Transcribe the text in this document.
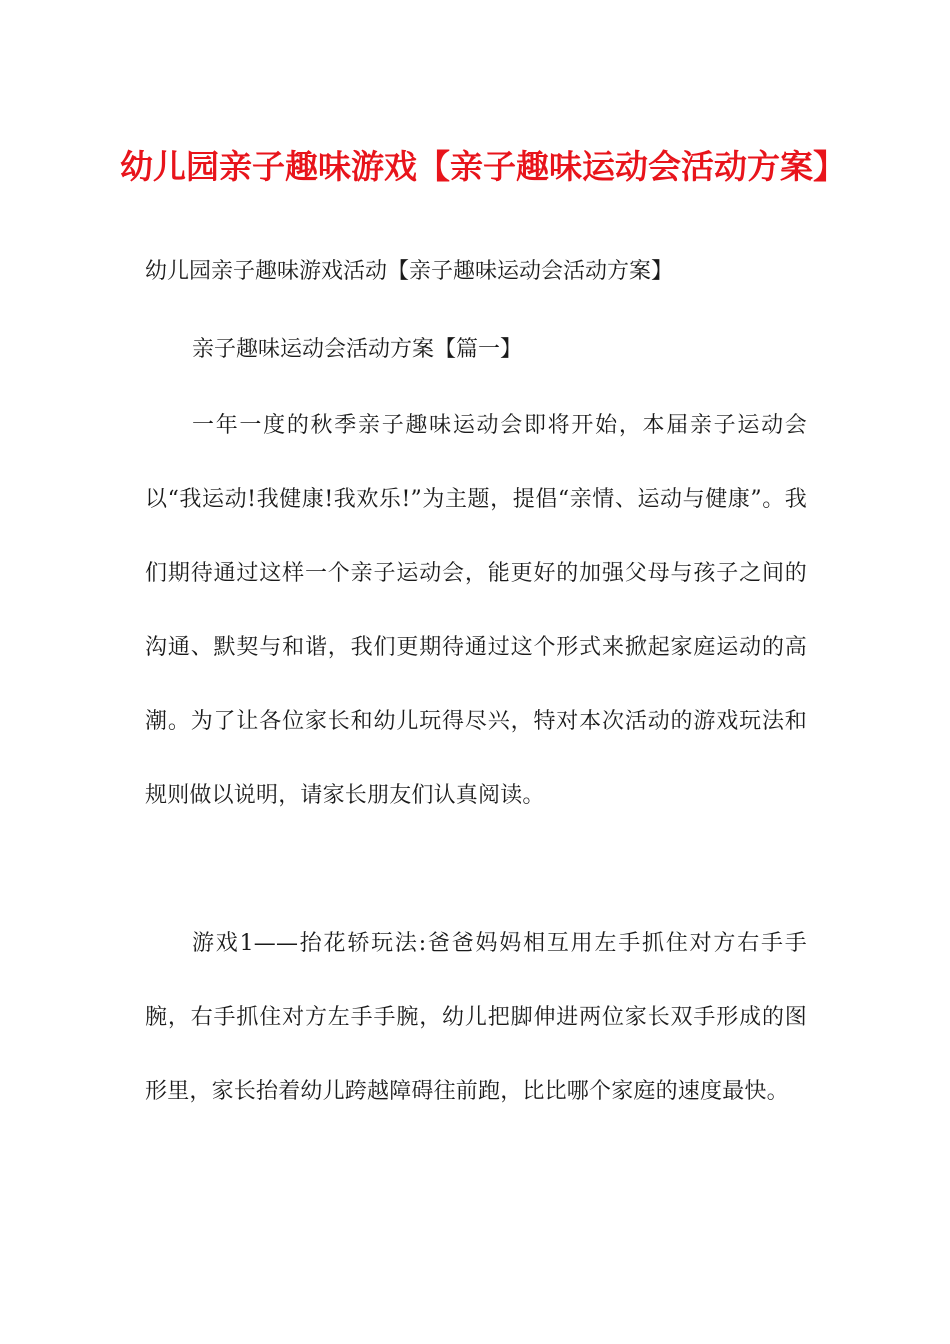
幼儿园亲子趣味游戏【亲子趣味运动会活动方案】

幼儿园亲子趣味游戏活动【亲子趣味运动会活动方案】

亲子趣味运动会活动方案【篇一】

一年一度的秋季亲子趣味运动会即将开始，本届亲子运动会以“我运动!我健康!我欢乐!”为主题，提倡“亲情、运动与健康”。我们期待通过这样一个亲子运动会，能更好的加强父母与孩子之间的沟通、默契与和谐，我们更期待通过这个形式来掀起家庭运动的高潮。为了让各位家长和幼儿玩得尽兴，特对本次活动的游戏玩法和规则做以说明，请家长朋友们认真阅读。

游戏1——抬花轿玩法:爸爸妈妈相互用左手抓住对方右手手腕，右手抓住对方左手手腕，幼儿把脚伸进两位家长双手形成的图形里，家长抬着幼儿跨越障碍往前跑，比比哪个家庭的速度最快。
